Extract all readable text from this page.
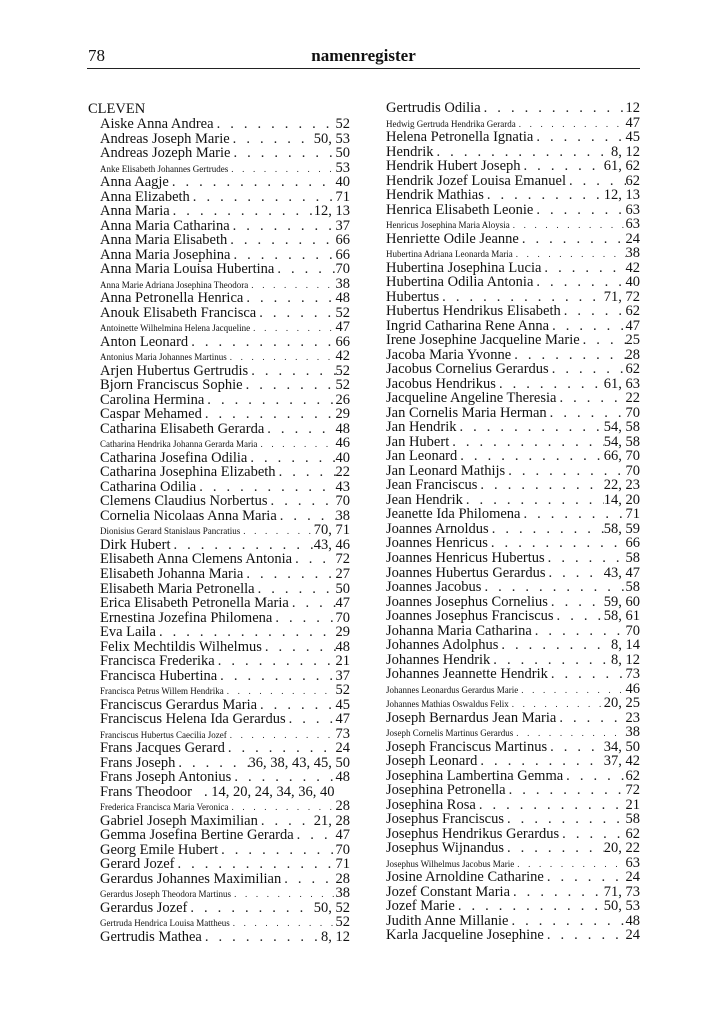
78	namenregister
CLEVEN
Aiske Anna Andrea . . .	52
Andreas Joseph Marie . . .	50, 53
Andreas Jozeph Marie . . .	50
Anke Elisabeth Johannes Gertrudes . . .	53
Anna Aagje . . .	40
Anna Elizabeth . . .	71
Anna Maria . . .	12, 13
Anna Maria Catharina . . .	37
Anna Maria Elisabeth . . .	66
Anna Maria Josephina . . .	66
Anna Maria Louisa Hubertina . . .	70
Anna Marie Adriana Josephina Theodora . . .	38
Anna Petronella Henrica . . .	48
Anouk Elisabeth Francisca . . .	52
Antoinette Wilhelmina Helena Jacqueline . . .	47
Anton Leonard . . .	66
Antonius Maria Johannes Martinus . . .	42
Arjen Hubertus Gertrudis . . .	52
Bjorn Franciscus Sophie . . .	52
Carolina Hermina . . .	26
Caspar Mehamed . . .	29
Catharina Elisabeth Gerarda . . .	48
Catharina Hendrika Johanna Gerarda Maria . . .	46
Catharina Josefina Odilia . . .	40
Catharina Josephina Elizabeth . . .	22
Catharina Odilia . . .	43
Clemens Claudius Norbertus . . .	70
Cornelia Nicolaas Anna Maria . . .	38
Dionisius Gerard Stanislaus Pancratius . . .	70, 71
Dirk Hubert . . .	43, 46
Elisabeth Anna Clemens Antonia . . .	72
Elisabeth Johanna Maria . . .	27
Elisabeth Maria Petronella . . .	50
Erica Elisabeth Petronella Maria . . .	47
Ernestina Jozefina Philomena . . .	70
Eva Laila . . .	29
Felix Mechtildis Wilhelmus . . .	48
Francisca Frederika . . .	21
Francisca Hubertina . . .	37
Francisca Petrus Willem Hendrika . . .	52
Franciscus Gerardus Maria . . .	45
Franciscus Helena Ida Gerardus . . .	47
Franciscus Hubertus Caecilia Jozef . . .	73
Frans Jacques Gerard . . .	24
Frans Joseph . . .	36, 38, 43, 45, 50
Frans Joseph Antonius . . .	48
Frans Theodoor . 14, 20, 24, 34, 36, 40
Frederica Francisca Maria Veronica . . .	28
Gabriel Joseph Maximilian . . .	21, 28
Gemma Josefina Bertine Gerarda . . .	47
Georg Emile Hubert . . .	70
Gerard Jozef . . .	71
Gerardus Johannes Maximilian . . .	28
Gerardus Joseph Theodora Martinus . . .	38
Gerardus Jozef . . .	50, 52
Gertruda Hendrica Louisa Mattheus . . .	52
Gertrudis Mathea . . .	8, 12
Gertrudis Odilia . . .	12
Hedwig Gertruda Hendrika Gerarda . . .	47
Helena Petronella Ignatia . . .	45
Hendrik . . .	8, 12
Hendrik Hubert Joseph . . .	61, 62
Hendrik Jozef Louisa Emanuel . . .	62
Hendrik Mathias . . .	12, 13
Henrica Elisabeth Leonie . . .	63
Henricus Josephina Maria Aloysia . . .	63
Henriette Odile Jeanne . . .	24
Hubertina Adriana Leonarda Maria . . .	38
Hubertina Josephina Lucia . . .	42
Hubertina Odilia Antonia . . .	40
Hubertus . . .	71, 72
Hubertus Hendrikus Elisabeth . . .	62
Ingrid Catharina Rene Anna . . .	47
Irene Josephine Jacqueline Marie . . .	25
Jacoba Maria Yvonne . . .	28
Jacobus Cornelius Gerardus . . .	62
Jacobus Hendrikus . . .	61, 63
Jacqueline Angeline Theresia . . .	22
Jan Cornelis Maria Herman . . .	70
Jan Hendrik . . .	54, 58
Jan Hubert . . .	54, 58
Jan Leonard . . .	66, 70
Jan Leonard Mathijs . . .	70
Jean Franciscus . . .	22, 23
Jean Hendrik . . .	14, 20
Jeanette Ida Philomena . . .	71
Joannes Arnoldus . . .	58, 59
Joannes Henricus . . .	66
Joannes Henricus Hubertus . . .	58
Joannes Hubertus Gerardus . . .	43, 47
Joannes Jacobus . . .	58
Joannes Josephus Cornelius . . .	59, 60
Joannes Josephus Franciscus . . .	58, 61
Johanna Maria Catharina . . .	70
Johannes Adolphus . . .	8, 14
Johannes Hendrik . . .	8, 12
Johannes Jeannette Hendrik . . .	73
Johannes Leonardus Gerardus Marie . . .	46
Johannes Mathias Oswaldus Felix . . .	20, 25
Joseph Bernardus Jean Maria . . .	23
Joseph Cornelis Martinus Gerardus . . .	38
Joseph Franciscus Martinus . . .	34, 50
Joseph Leonard . . .	37, 42
Josephina Lambertina Gemma . . .	62
Josephina Petronella . . .	72
Josephina Rosa . . .	21
Josephus Franciscus . . .	58
Josephus Hendrikus Gerardus . . .	62
Josephus Wijnandus . . .	20, 22
Josephus Wilhelmus Jacobus Marie . . .	63
Josine Arnoldine Catharine . . .	24
Jozef Constant Maria . . .	71, 73
Jozef Marie . . .	50, 53
Judith Anne Millanie . . .	48
Karla Jacqueline Josephine . . .	24
